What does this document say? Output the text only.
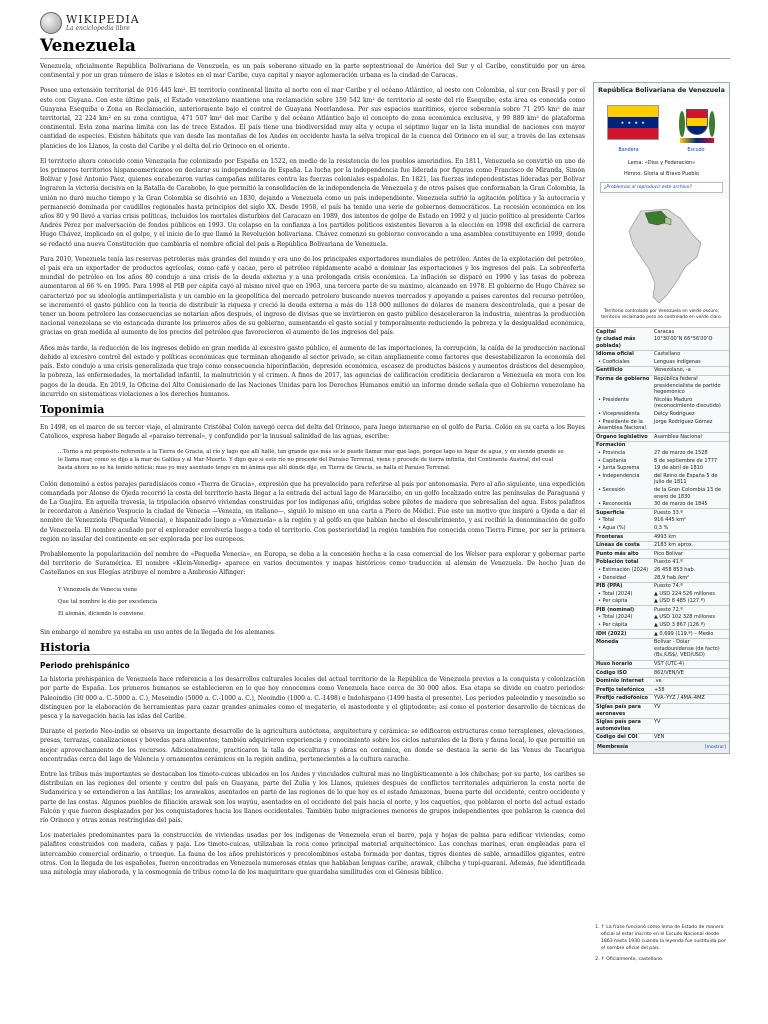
WIKIPEDIA
La enciclopedia libre
Venezuela

Venezuela, oficialmente República Bolivariana de Venezuela, es un país soberano situado en la parte septentrional de América del Sur y el Caribe, constituido por un área continental y por un gran número de islas e islotes en el mar Caribe, cuya capital y mayor aglomeración urbana es la ciudad de Caracas.

Posee una extensión territorial de 916 445 km². El territorio continental limita al norte con el mar Caribe y el océano Atlántico, al oeste con Colombia, al sur con Brasil y por el este con Guyana. Con este último país, el Estado venezolano mantiene una reclamación sobre 159 542 km² de territorio al oeste del río Esequibo, esta área es conocida como Guayana Esequiba o Zona en Reclamación, anteriormente bajo el control de Guayana Neerlandesa. Por sus espacios marítimos, ejerce soberanía sobre 71 295 km² de mar territorial, 22 224 km² en su zona contigua, 471 507 km² del mar Caribe y del océano Atlántico bajo el concepto de zona económica exclusiva, y 99 889 km² de plataforma continental. Esta zona marina limita con las de trece Estados. El país tiene una biodiversidad muy alta y ocupa el séptimo lugar en la lista mundial de naciones con mayor cantidad de especies. Existen hábitats que van desde las montañas de los Andes en occidente hasta la selva tropical de la cuenca del Orinoco en el sur, a través de las extensas planicies de los Llanos, la costa del Caribe y el delta del río Orinoco en el oriente.

El territorio ahora conocido como Venezuela fue colonizado por España en 1522, en medio de la resistencia de los pueblos amerindios. En 1811, Venezuela se convirtió en uno de los primeros territorios hispanoamericanos en declarar su independencia de España. La lucha por la independencia fue liderada por figuras como Francisco de Miranda, Simón Bolívar y José Antonio Páez, quienes encabezaron varias campañas militares contra las fuerzas coloniales españolas. En 1821, las fuerzas independentistas lideradas por Bolívar lograron la victoria decisiva en la Batalla de Carabobo, lo que permitió la consolidación de la independencia de Venezuela y de otros países que conformaban la Gran Colombia, la unión no duró mucho tiempo y la Gran Colombia se disolvió en 1830, dejando a Venezuela como un país independiente. Venezuela sufrió la agitación política y la autocracia y permaneció dominada por caudillos regionales hasta principios del siglo XX. Desde 1958, el país ha tenido una serie de gobiernos democráticos. La recesión económica en los años 80 y 90 llevó a varias crisis políticas, incluidos los mortales disturbios del Caracazo en 1989, dos intentos de golpe de Estado en 1992 y el juicio político al presidente Carlos Andrés Pérez por malversación de fondos públicos en 1993. Un colapso en la confianza a los partidos políticos existentes llevaron a la elección en 1998 del excficial de carrera Hugo Chávez, implicado en el golpe, y el inicio de lo que llamó la Revolución bolivariana. Chávez comenzó su gobierno convocando a una asamblea constituyente en 1999, donde se redactó una nueva Constitución que cambiaría el nombre oficial del país a República Bolivariana de Venezuela.

Para 2010, Venezuela tenía las reservas petroleras más grandes del mundo y era uno de los principales exportadores mundiales de petróleo. Antes de la explotación del petróleo, el país era un exportador de productos agrícolas, como café y cacao, pero el petróleo rápidamente acabó a dominar las exportaciones y los ingresos del país. La sobreoferta mundial de petróleo en los años 80 condujo a una crisis de la deuda externa y a una prolongada crisis económica. La inflación se disparó en 1996 y las tasas de pobreza aumentaron al 66 % en 1995. Para 1998 el PIB per cápita cayó al mismo nivel que en 1963, una tercera parte de su máximo, alcanzado en 1978. El gobierno de Hugo Chávez se caracterizó por su ideología antiimperialista y un cambio en la geopolítica del mercado petrolero buscando nuevos mercados y apoyando a países carentes del recurso petróleo, se incrementó el gasto público con la teoría de distribuir la riqueza y creció la deuda externa a más de 118 000 millones de dólares de manera descontrolada, que a pesar de tener un boom petrolero las consecuencias se notarían años después, el ingreso de divisas que se invirtieron en gasto público desaceleraron la industria, mientras la producción nacional venezolana se vio estancada durante los primeros años de su gobierno, aumentando el gasto social y temporalmente reduciendo la pobreza y la desigualdad económica, gracias en gran medida al aumento de los precios del petróleo que favorecieron el aumento de los ingresos del país.

Años más tarde, la reducción de los ingresos debido en gran medida al excesivo gasto público, el aumento de las importaciones, la corrupción, la caída de la producción nacional debido al excesivo control del estado y políticas económicas que terminan ahogando al sector privado, se citan ampliamente como factores que desestabilizaron la economía del país. Esto condujo a una crisis generalizada que trajo como consecuencia hiperinflación, depresión económica, escasez de productos básicos y aumentos drásticos del desempleo, la pobreza, las enfermedades, la mortalidad infantil, la malnutrición y el crimen. A fines de 2017, las agencias de calificación crediticia declararon a Venezuela en mora con los pagos de la deuda. En 2019, la Oficina del Alto Comisionado de las Naciones Unidas para los Derechos Humanos emitió un informe donde señala que el Gobierno venezolano ha incurrido en sistemáticas violaciones a los derechos humanos.

Toponimia

En 1498, en el marco de su tercer viaje, el almirante Cristóbal Colón navegó cerca del delta del Orinoco, para luego internarse en el golfo de Paria. Colón en su carta a los Reyes Católicos, expresa haber llegado al «paraíso terrenal», y confundido por la inusual salinidad de las aguas, escribe:

...Torno a mi propósito referente a la Tierra de Gracia, al río y lago que allí hallé, tan grande que más se le puede llamar mar que lago, porque lago es lugar de agua, y en siendo grande se le llama mar, como se dijo a la mar de Galilea y al Mar Muerto. Y digo que si este río no procede del Paraíso Terrenal, viene y procede de tierra infinita, del Continente Austral, del cual hasta ahora no se ha tenido noticia; mas yo muy asentado tengo en mi ánima que allí donde dije, en Tierra de Gracia, se halla el Paraíso Terrenal.

Colón denominó a estos parajes paradisíacos como «Tierra de Gracia», expresión que ha prevalecido para referirse al país por antonomasia. Pero al año siguiente, una expedición comandada por Alonso de Ojeda recorrió la costa del territorio hasta llegar a la entrada del actual lago de Maracaibo, en un golfo localizado entre las penínsulas de Paraguaná y de La Guajira. En aquella travesía, la tripulación observó viviendas construidas por los indígenas añú, erigidas sobre pilotes de madera que sobresalían del agua. Estos palafitos le recordaron a Américo Vespucio la ciudad de Venecia —Venezia, en italiano—, siguió lo mismo en una carta a Piero de Médici. Fue este un motivo que inspiró a Ojeda a dar el nombre de Venezziola (Pequeña Venecia), e hispanizado luego a «Venezuela» a la región y al golfo en que habían hecho el descubrimiento, y así recibió la denominación de golfo de Venezuela. El nombre acuñado por el explorador envolvería luego a todo el territorio. Con posterioridad la región también fue conocida como Tierra Firme, por ser la primera región no insular del continente en ser explorada por los europeos.

Probablemente la popularización del nombre de «Pequeña Venecia», en Europa, se deba a la concesión hecha a la casa comercial de los Welser para explorar y gobernar parte del territorio de Suramérica. El nombre «Klein-Venedig» aparece en varios documentos y mapas históricos como traducción al alemán de Venezuela. De hecho Juan de Castellanos en sus Elegías atribuye el nombre a Ambrosio Alfinger:

Y Venezuela de Venecia viene
Que tal nombre le dio por excelencia
El alemán, diciendo le conviene.

Sin embargo el nombre ya estaba en uso antes de la llegada de los alemanes.

Historia
Periodo prehispánico

La historia prehispánica de Venezuela hace referencia a los desarrollos culturales locales del actual territorio de la República de Venezuela previos a la conquista y colonización por parte de España. Los primeros humanos se establecieron en lo que hoy conocemos como Venezuela hace cerca de 30 000 años. Esa etapa se divide en cuatro periodos: Paleoindio (30 000 a. C.-5000 a. C.), Mesoindio (5000 a. C.-1000 a. C.), Neoindio (1000 a. C.-1498) e Indohispano (1499 hasta el presente). Los periodos paleoindio y mesoindio se distinguen por la elaboración de herramientas para cazar grandes animales como el megaterio, el mastodonte y el gliptodonte; así como el posterior desarrollo de técnicas de pesca y la navegación hacia las islas del Caribe.

Durante el periodo Neo-indio se observa un importante desarrollo de la agricultura autóctona, arquitectura y cerámica: se edificaron estructuras como terraplenes, elevaciones, presas, terrazas, canalizaciones y bóvedas para alimentos; también adquirieron experiencia y conocimiento sobre los ciclos naturales de la flora y fauna local, lo que permitió un mejor aprovechamiento de los recursos. Adicionalmente, practicaron la talla de esculturas y obras en cerámica, en donde se destaca la serie de las Venus de Tacarigua encontradas cerca del lago de Valencia y ornamentos cerámicos en la región andina, pertenecientes a la cultura carache.

Entre las tribus más importantes se destacaban los timoto-cuicas ubicados en los Andes y vinculados cultural mas no lingüísticamente a los chibchas; por su parte, los caribes se distribuían en las regiones del oriente y centro del país en Guayana, parte del Zulia y los Llanos, quienes después de conflictos territoriales adquirieron la costa norte de Sudamérica y se extendieron a las Antillas; los arawakos, asentados en parte de las regiones de lo que hoy es el estado Amazonas, buena parte del occidente, centro occidente y parte de las costas. Algunos pueblos de filiación arawak son los wayúu, asentados en el occidente del país hacia el norte, y los caquetíos, que poblaron el norte del actual estado Falcón y que fueron desplazados por los conquistadores hacia los llanos occidentales. También hubo migraciones menores de grupos independientes que poblaron la cuenca del río Orinoco y otras zonas restringidas del país.

Los materiales predominantes para la construcción de viviendas usadas por los indígenas de Venezuela eran el barro, paja y hojas de palma para edificar viviendas, como palafitos construidos con madera, cañas y paja. Los timoto-cuicas, utilizaban la roca como principal material arquitectónico. Las conchas marinas, eran empleadas para el intercambio comercial ordinario, o trueque. La fauna de los años prehistóricos y precolombinos estaba formada por dantas, tigres dientes de sable, armadillos gigantes, entre otros. Con la llegada de los españoles, fueron encontradas en Venezuela numerosas etnias que hablaban lenguas caribe, arawak, chibcha y tupí-guaraní. Además, fue identificada una mitología muy elaborada, y la cosmogonía de tribus como la de los maquiritare que guardaba similitudes con el Génesis bíblico.

República Bolivariana de Venezuela
★ ★ ★ ★
Bandera	Escudo
Lema: «Dios y Federación»
Himno: Gloria al Bravo Pueblo
¿Problemas al reproducir este archivo?
Territorio controlado por Venezuela en verde oscuro; territorio reclamado pero no controlado en verde claro.
Capital	Caracas
(y ciudad más poblada)	10°30′00″N 66°56′00″O
Idioma oficial	Castellano
• Cooficiales	Lenguas indígenas
Gentilicio	Venezolano, -a
Forma de gobierno	República federal presidencialista de partido hegemónico
• Presidente	Nicolás Maduro (reconocimiento discutido)
• Vicepresidenta	Delcy Rodríguez
• Presidente de la Asamblea Nacional	Jorge Rodríguez Gómez
Órgano legislativo	Asamblea Nacional
Formación	
• Provincia	27 de marzo de 1528
• Capitanía	8 de septiembre de 1777
• Junta Suprema	19 de abril de 1810
• Independencia	del Reino de España 5 de julio de 1811
• Secesión	de la Gran Colombia 13 de enero de 1830
• Reconocida	30 de marzo de 1845
Superficie	Puesto 33.º
• Total	916 445 km²
• Agua (%)	0,3 %
Fronteras	4993 km
Líneas de costa	2183 km aprox.
Punto más alto	Pico Bolívar
Población total	Puesto 41.º
• Estimación (2024)	26 458 853 hab.
• Densidad	28,9 hab./km²
PIB (PPA)	Puesto 74.º
• Total (2024)	▲ USD 224 526 millones
• Per cápita	▲ USD 8 485 (127.º)
PIB (nominal)	Puesto 72.º
• Total (2024)	▲ USD 102 328 millones
• Per cápita	▲ USD 3 867 (126.º)
IDH (2022)	▲ 0,699 (119.º) – Medio
Moneda	Bolívar · Dólar estadounidense (de facto) (Bs./US$/, VED/USD)
Huso horario	VST (UTC-4)
Código ISO	862/VEN/VE
Dominio internet	.ve
Prefijo telefónico	+58
Prefijo radiofónico	YVA–YYZ / 4MA–4MZ
Siglas país para aeronaves	YV
Siglas país para automóviles	YV
Código del COI	VEN
Membresía	[mostrar]
1. ↑ La frase funcionó como lema de Estado de manera oficial al estar inscrito en el Escudo Nacional desde 1863 hasta 1930 cuando la leyenda fue sustituida por el nombre oficial del país.
2. ↑ Oficialmente, castellano.
